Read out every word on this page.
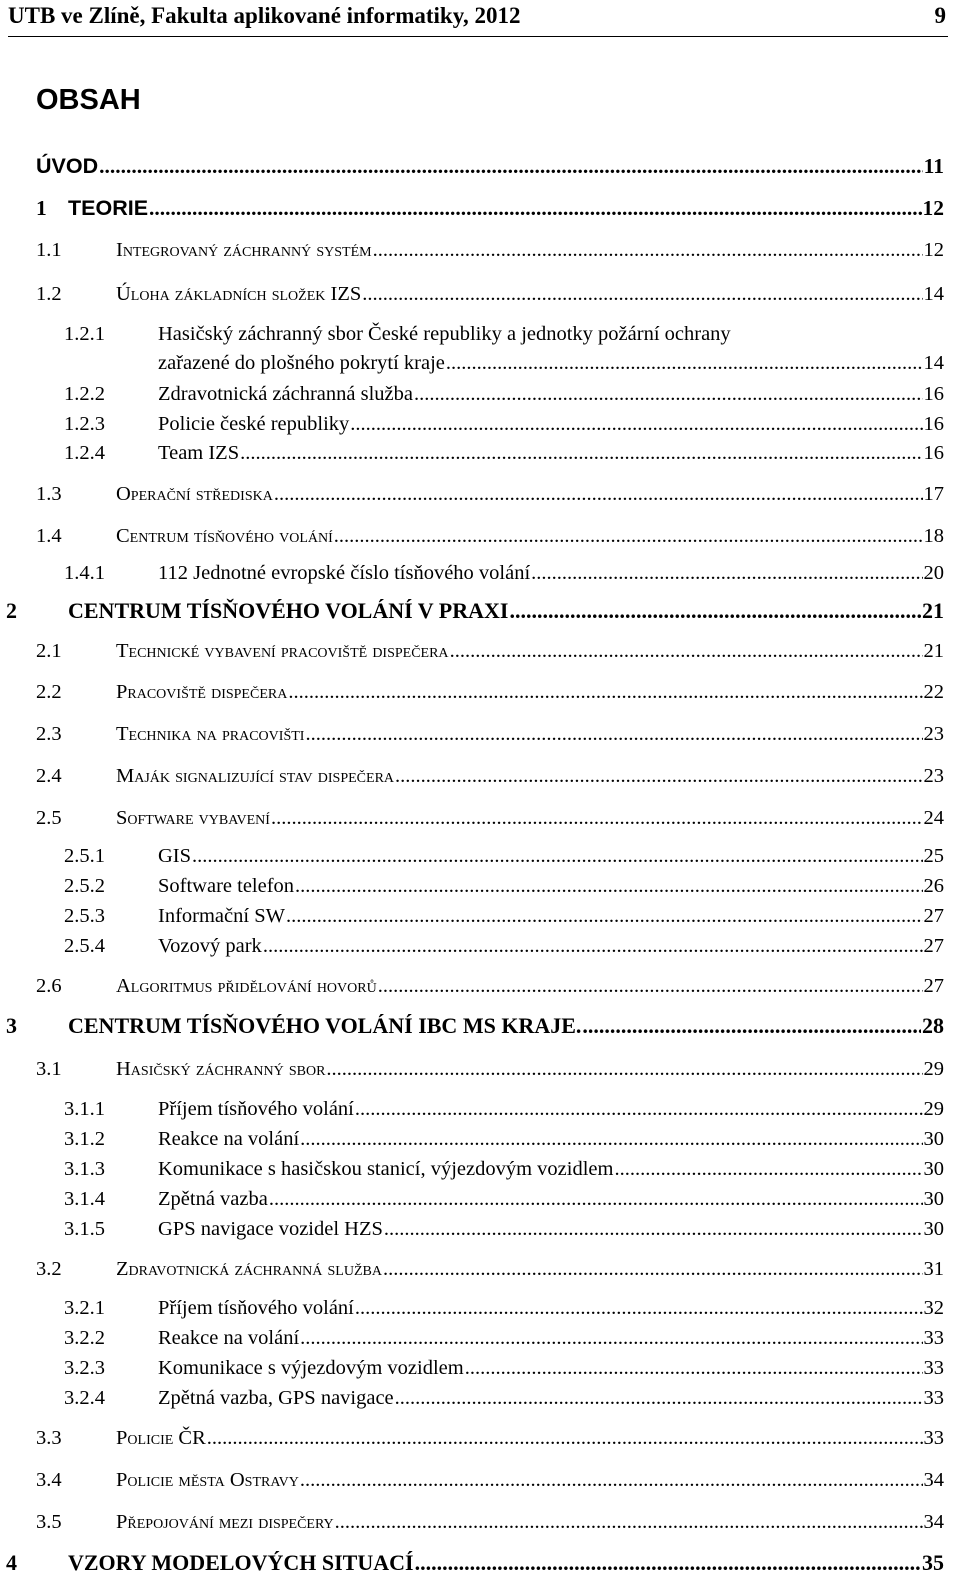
UTB ve Zlíně, Fakulta aplikované informatiky, 2012	9
OBSAH
ÚVOD .....	11
1 TEORIE .....	12
1.1	Integrovaný záchranný systém .....	12
1.2	Úloha základních složek IZS .....	14
1.2.1	Hasičský záchranný sbor České republiky a jednotky požární ochrany
zařazené do plošného pokrytí kraje .....	14
1.2.2	Zdravotnická záchranná služba .....	16
1.2.3	Policie české republiky .....	16
1.2.4	Team IZS .....	16
1.3	Operační střediska .....	17
1.4	Centrum tísňového volání .....	18
1.4.1	112 Jednotné evropské číslo tísňového volání .....	20
2	CENTRUM TÍSŇOVÉHO VOLÁNÍ V PRAXI .....	21
2.1	Technické vybavení pracoviště dispečera .....	21
2.2	Pracoviště dispečera .....	22
2.3	Technika na pracovišti .....	23
2.4	Maják signalizující stav dispečera .....	23
2.5	Software vybavení .....	24
2.5.1	GIS .....	25
2.5.2	Software telefon .....	26
2.5.3	Informační SW .....	27
2.5.4	Vozový park .....	27
2.6	Algoritmus přidělování hovorů .....	27
3	CENTRUM TÍSŇOVÉHO VOLÁNÍ IBC MS KRAJE. .....	28
3.1	Hasičský záchranný sbor .....	29
3.1.1	Příjem tísňového volání .....	29
3.1.2	Reakce na volání .....	30
3.1.3	Komunikace s hasičskou stanicí, výjezdovým vozidlem .....	30
3.1.4	Zpětná vazba .....	30
3.1.5	GPS navigace vozidel HZS .....	30
3.2	Zdravotnická záchranná služba .....	31
3.2.1	Příjem tísňového volání .....	32
3.2.2	Reakce na volání .....	33
3.2.3	Komunikace s výjezdovým vozidlem .....	33
3.2.4	Zpětná vazba, GPS navigace .....	33
3.3	Policie ČR .....	33
3.4	Policie města Ostravy .....	34
3.5	Přepojování mezi dispečery .....	34
4	VZORY MODELOVÝCH SITUACÍ .....	35
